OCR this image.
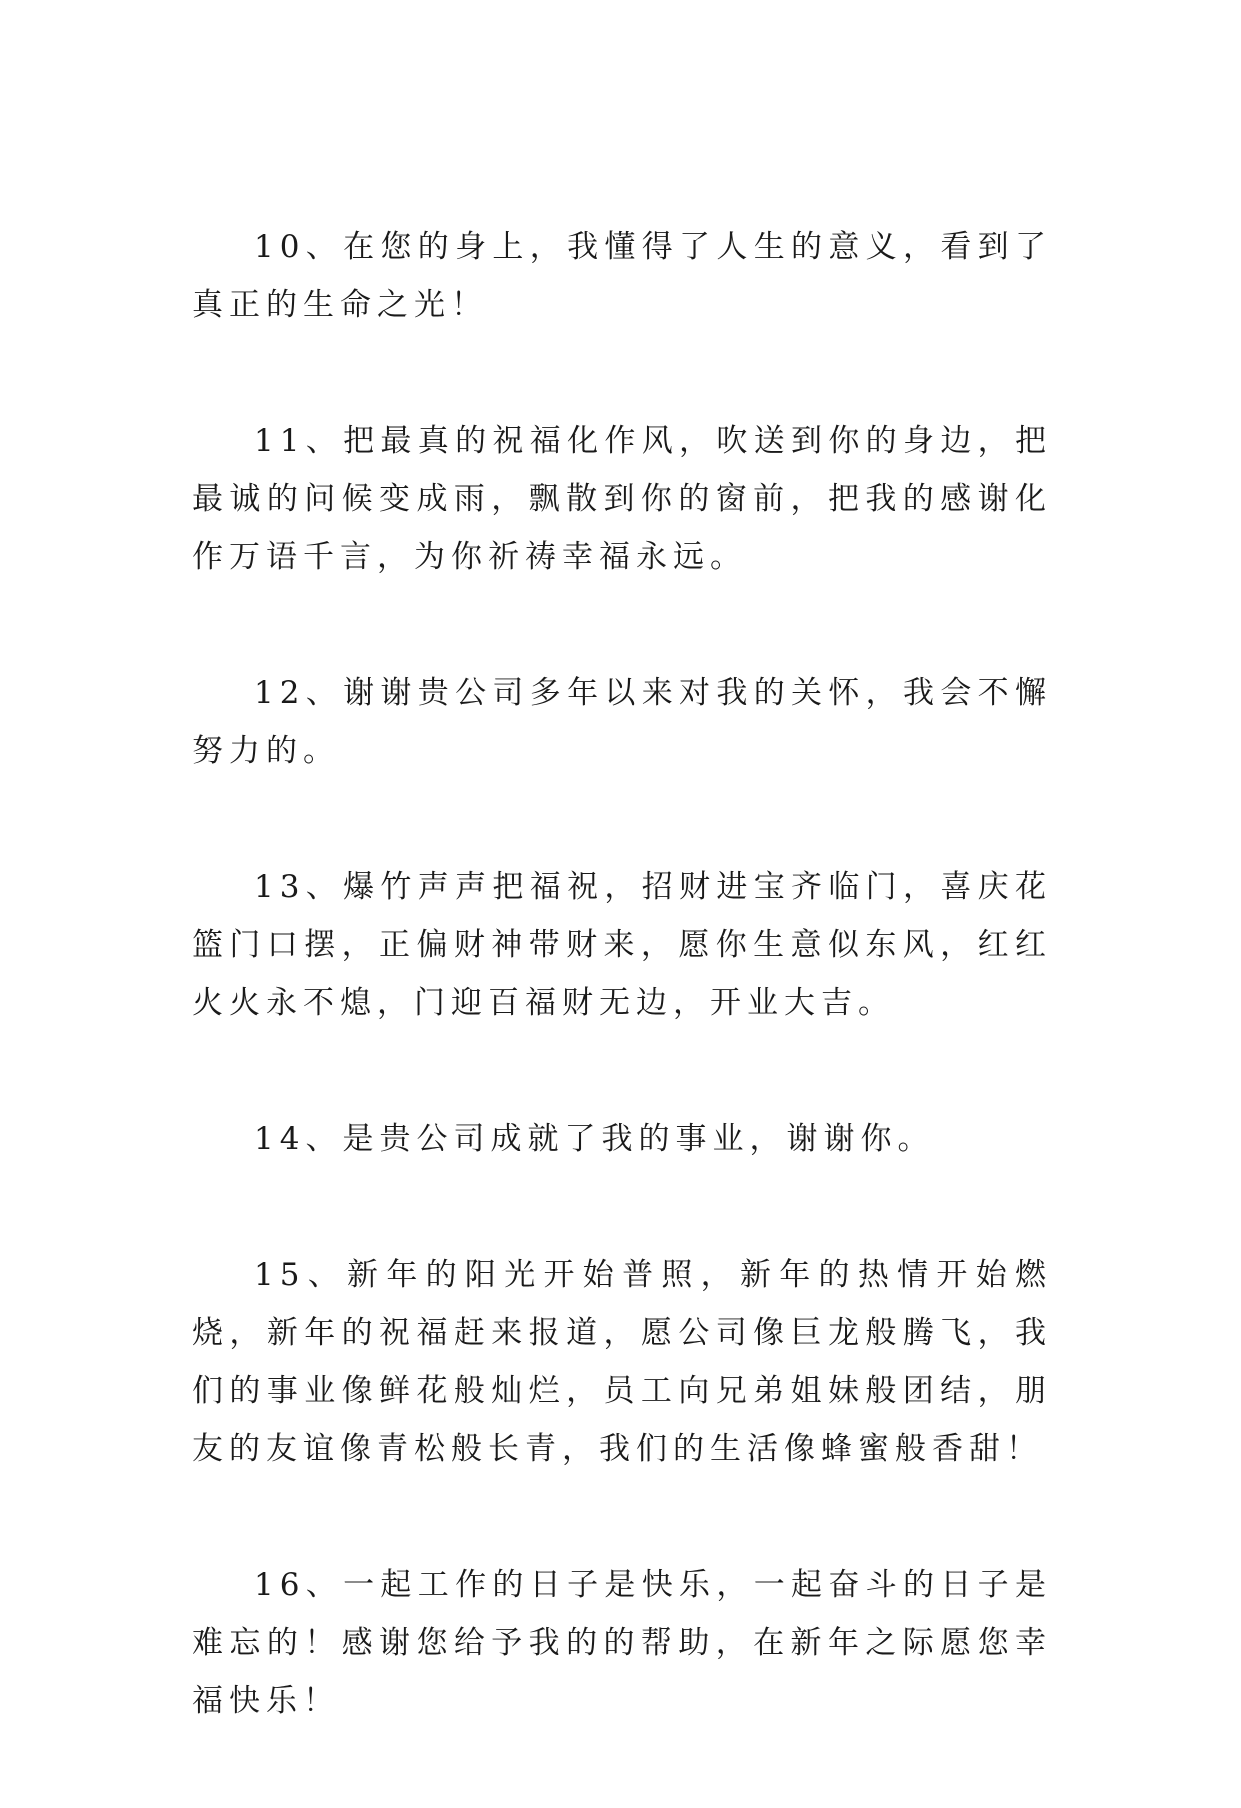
10、在您的身上，我懂得了人生的意义，看到了真正的生命之光！

11、把最真的祝福化作风，吹送到你的身边，把最诚的问候变成雨，飘散到你的窗前，把我的感谢化作万语千言，为你祈祷幸福永远。

12、谢谢贵公司多年以来对我的关怀，我会不懈努力的。

13、爆竹声声把福祝，招财进宝齐临门，喜庆花篮门口摆，正偏财神带财来，愿你生意似东风，红红火火永不熄，门迎百福财无边，开业大吉。

14、是贵公司成就了我的事业，谢谢你。

15、新年的阳光开始普照，新年的热情开始燃烧，新年的祝福赶来报道，愿公司像巨龙般腾飞，我们的事业像鲜花般灿烂，员工向兄弟姐妹般团结，朋友的友谊像青松般长青，我们的生活像蜂蜜般香甜！

16、一起工作的日子是快乐，一起奋斗的日子是难忘的！感谢您给予我的的帮助，在新年之际愿您幸福快乐！
